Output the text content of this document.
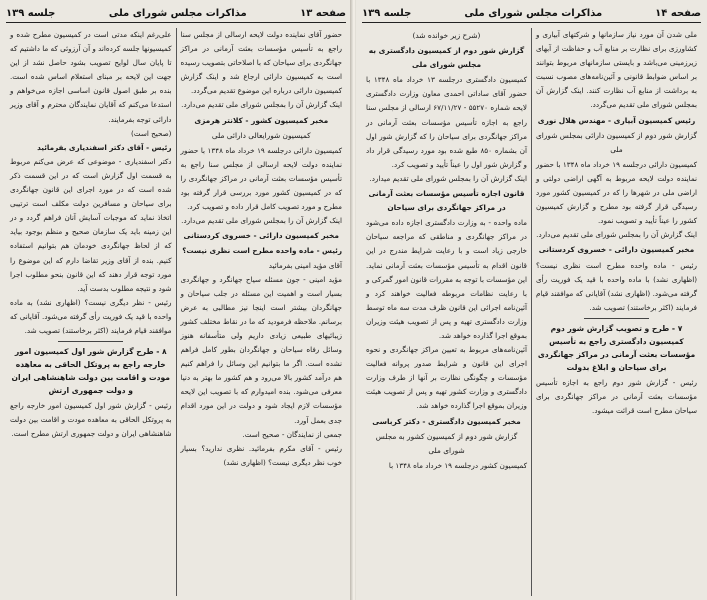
صفحه ۱۳
مذاکرات مجلس شورای ملی
جلسه ۱۳۹

حضور آقای نماینده دولت لایحه ارسالی از مجلس سنا راجع به تأسیس مؤسسات بعثت آرمانی در مراکز جهانگردی برای سیاحان که با اصلاحاتی بتصویب رسیده است به کمیسیون دارائی ارجاع شد و اینک گزارش کمیسیون دارائی درباره این موضوع تقدیم می‌گردد.

اینک گزارش آن را بمجلس شورای ملی تقدیم می‌دارد.

مخبر کمیسیون کشور - کلانتر هرمزی

کمیسیون شورایعالی دارائی ملی

کمیسیون دارائی درجلسه ۱۹ خرداد ماه ۱۳۴۸ با حضور نماینده دولت لایحه ارسالی از مجلس سنا راجع به تأسیس مؤسسات بعثت آرمانی در مراکز جهانگردی را که در کمیسیون کشور مورد بررسی قرار گرفته بود مطرح و مورد تصویب کامل قرار داده و تصویب کرد.

اینک گزارش آن را بمجلس شورای ملی تقدیم می‌دارد.

مخبر کمیسیون دارائی - خسروی کردستانی

رئیس - ماده واحده مطرح است نظری نیست؟

آقای مؤید امینی بفرمائید

مؤید امینی - جون مسئله سیاح جهانگرد و جهانگردی بسیار است و اهمیت این مسئله در جلب سیاحان و جهانگردان بیشتر است اینجا نیز مطالبی به عرض برسانم. ملاحظه فرمودید که ما در نقاط مختلف کشور زیبائیهای طبیعی زیادی داریم ولی متأسفانه هنوز وسائل رفاه سیاحان و جهانگردان بطور کامل فراهم نشده است. اگر ما بتوانیم این وسائل را فراهم کنیم هم درآمد کشور بالا می‌رود و هم کشور ما بهتر به دنیا معرفی می‌شود. بنده امیدوارم که با تصویب این لایحه مؤسسات لازم ایجاد شود و دولت در این مورد اقدام جدی بعمل آورد.

جمعی از نمایندگان - صحیح است.

رئیس - آقای مکرم بفرمائید. نظری ندارید؟ بسیار خوب نظر دیگری نیست؟ (اظهاری نشد)

علی‌رغم اینکه مدتی است در کمیسیون مطرح شده و کمیسیونها جلسه کرده‌اند و آن آرزوئی که ما داشتیم که تا پایان سال لوایح تصویب بشود حاصل نشد از این جهت این لایحه بر مبنای استعلام اساس شده است. بنده بر طبق اصول قانون اساسی اجازه می‌خواهم و استدعا می‌کنم که آقایان نمایندگان محترم و آقای وزیر دارائی توجه بفرمایند.

(صحیح است)

رئیس - آقای دکتر اسفندیاری بفرمائید

دکتر اسفندیاری - موضوعی که عرض می‌کنم مربوط به قسمت اول گزارش است که در این قسمت ذکر شده است که در مورد اجرای این قانون جهانگردی برای سیاحان و مسافرین دولت مکلف است ترتیبی اتخاذ نماید که موجبات آسایش آنان فراهم گردد و در این زمینه باید یک سازمان صحیح و منظم بوجود بیاید که از لحاظ جهانگردی خودمان هم بتوانیم استفاده کنیم. بنده از آقای وزیر تقاضا دارم که این موضوع را مورد توجه قرار دهند که این قانون بنحو مطلوب اجرا شود و نتیجه مطلوب بدست آید.

رئیس - نظر دیگری نیست؟ (اظهاری نشد) به ماده واحده با قید یک فوریت رأی گرفته می‌شود. آقایانی که موافقند قیام فرمایند (اکثر برخاستند) تصویب شد.

۸ - طرح گزارش شور اول کمیسیون امور خارجه راجع به پروتکل الحاقی به معاهده مودت و اقامت بین دولت شاهنشاهی ایران و دولت جمهوری ارتش

رئیس - گزارش شور اول کمیسیون امور خارجه راجع به پروتکل الحاقی به معاهده مودت و اقامت بین دولت شاهنشاهی ایران و دولت جمهوری ارتش مطرح است.

صفحه ۱۴
مذاکرات مجلس شورای ملی
جلسه ۱۳۹

ملی شدن آن مورد نیاز سازمانها و شرکتهای آبیاری و کشاورزی برای نظارت بر منابع آب و حفاظت از آبهای زیرزمینی می‌باشد و بایستی سازمانهای مربوط بتوانند بر اساس ضوابط قانونی و آئین‌نامه‌های مصوب نسبت به برداشت از منابع آب نظارت کنند. اینک گزارش آن بمجلس شورای ملی تقدیم می‌گردد.

رئیس کمیسیون آبیاری - مهندس هلال نوری

گزارش شور دوم از کمیسیون دارائی بمجلس شورای ملی

کمیسیون دارائی درجلسه ۱۹ خرداد ماه ۱۳۴۸ با حضور نماینده دولت لایحه مربوط به آگهی اراضی دولتی و اراضی ملی در شهر‌ها را که در کمیسیون کشور مورد رسیدگی قرار گرفته بود مطرح و گزارش کمیسیون کشور را عیناً تأیید و تصویب نمود.

اینک گزارش آن را بمجلس شورای ملی تقدیم می‌دارد.

مخبر کمیسیون دارائی - خسروی کردستانی

رئیس - ماده واحده مطرح است نظری نیست؟ (اظهاری نشد) با ماده واحده با قید یک فوریت رأی گرفته می‌شود. (اظهاری نشد) آقایانی که موافقند قیام فرمایند (اکثر برخاستند) تصویب شد.

۷ - طرح و تصویب گزارش شور دوم کمیسیون دادگستری راجع به تأسیس مؤسسات بعثت آرمانی در مراکز جهانگردی برای سیاحان و ابلاغ بدولت

رئیس - گزارش شور دوم راجع به اجازه تأسیس مؤسسات بعثت آرمانی در مراکز جهانگردی برای سیاحان مطرح است قرائت میشود.

(شرح زیر خوانده شد)

گزارش شور دوم از کمیسیون دادگستری به مجلس شورای ملی

کمیسیون دادگستری درجلسه ۱۳ خرداد ماه ۱۳۴۸ با حضور آقای ساداتی احمدی معاون وزارت دادگستری لایحه شماره ۵۵۲۷۰ - ۶۷/۱۱/۲۷ ارسالی از مجلس سنا راجع به اجازه تأسیس مؤسسات بعثت آرمانی در مراکز جهانگردی برای سیاحان را که گزارش شور اول آن بشماره ۸۵۰ طبع شده بود مورد رسیدگی قرار داد و گزارش شور اول را عیناً تأیید و تصویب کرد.

اینک گزارش آن را بمجلس شورای ملی تقدیم میدارد.

قانون اجازه تأسیس مؤسسات بعثت آرمانی در مراکز جهانگردی برای سیاحان

ماده واحده - به وزارت دادگستری اجازه داده می‌شود در مراکز جهانگردی و مناطقی که مراجعه سیاحان خارجی زیاد است و با رعایت شرایط مندرج در این قانون اقدام به تأسیس مؤسسات بعثت آرمانی نماید. این مؤسسات با توجه به مقررات قانون امور گمرکی و با رعایت نظامات مربوطه فعالیت خواهند کرد و آئین‌نامه اجرائی این قانون ظرف مدت سه ماه توسط وزارت دادگستری تهیه و پس از تصویب هیئت وزیران بموقع اجرا گذارده خواهد شد.

آئین‌نامه‌های مربوط به تعیین مراکز جهانگردی و نحوه اجرای این قانون و شرایط صدور پروانه فعالیت مؤسسات و چگونگی نظارت بر آنها از طرف وزارت دادگستری و وزارت کشور تهیه و پس از تصویب هیئت وزیران بموقع اجرا گذارده خواهد شد.

مخبر کمیسیون دادگستری - دکتر کرباسی

گزارش شور دوم از کمیسیون کشور به مجلس شورای ملی

کمیسیون کشور درجلسه ۱۹ خرداد ماه ۱۳۴۸ با
